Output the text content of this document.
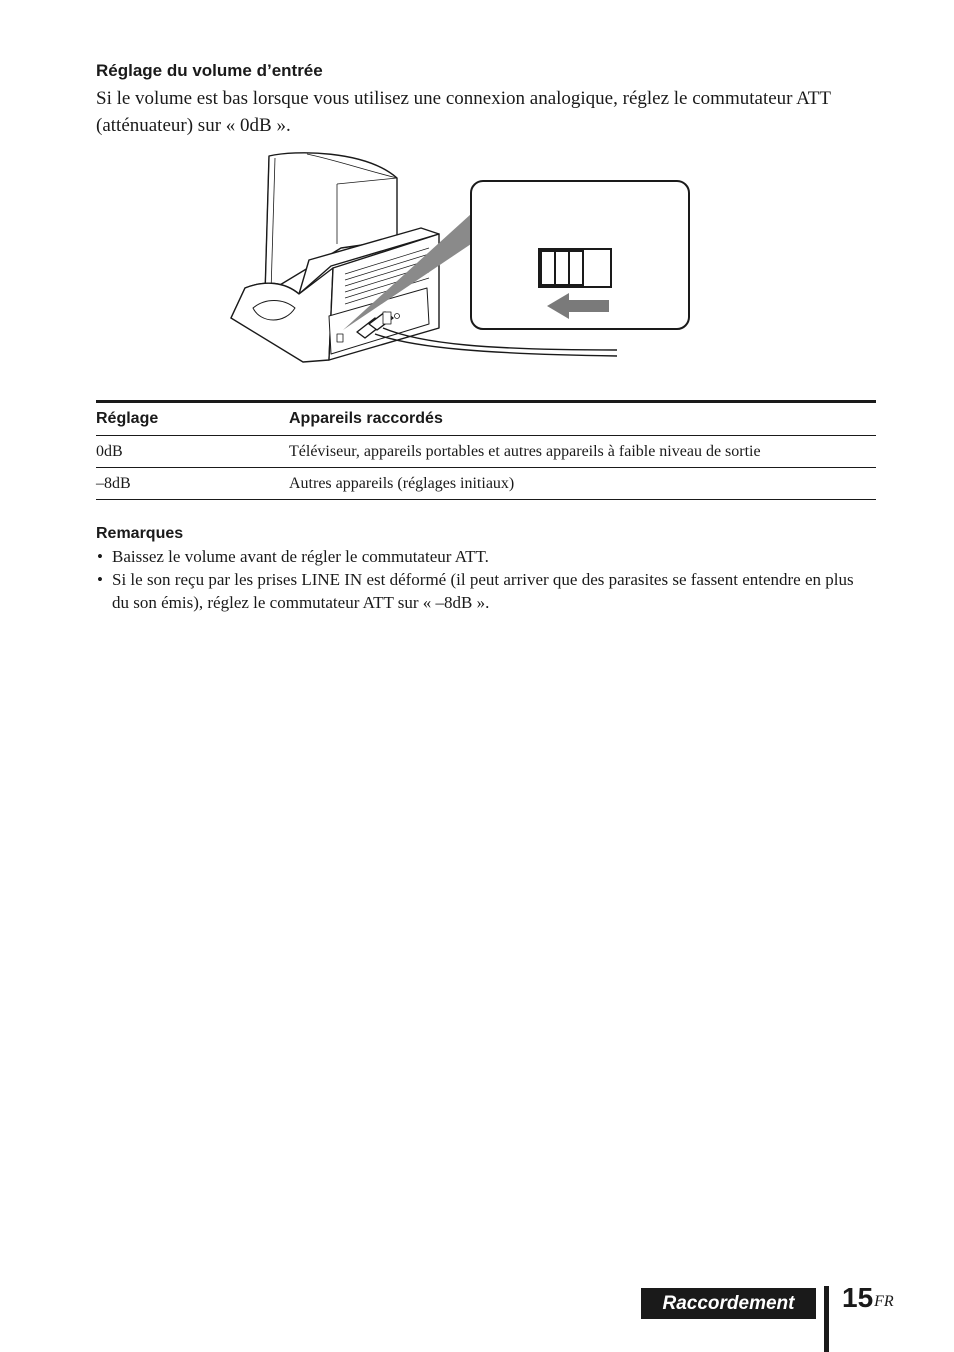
Réglage du volume d’entrée
Si le volume est bas lorsque vous utilisez une connexion analogique, réglez le commutateur ATT (atténuateur) sur « 0dB ».
Réglage	Appareils raccordés
0dB	Téléviseur, appareils portables et autres appareils à faible niveau de sortie
–8dB	Autres appareils (réglages initiaux)
Remarques
• Baissez le volume avant de régler le commutateur ATT.
• Si le son reçu par les prises LINE IN est déformé (il peut arriver que des parasites se fassent entendre en plus du son émis), réglez le commutateur ATT sur « –8dB ».
Raccordement	$15^{FR}$
